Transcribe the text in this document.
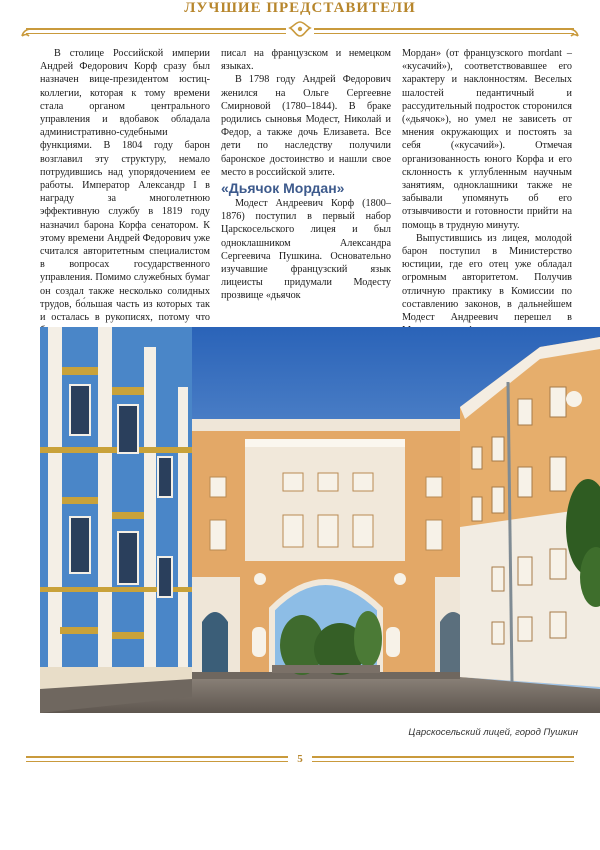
ЛУЧШИЕ ПРЕДСТАВИТЕЛИ

В столице Российской империи Андрей Федорович Корф сразу был назначен вице-президентом юстиц-коллегии, которая к тому времени стала органом центрального управления и вдобавок обладала административно-судебными функциями. В 1804 году барон возглавил эту структуру, немало потрудившись над упорядочением ее работы. Император Александр I в награду за многолетнюю эффективную службу в 1819 году назначил барона Корфа сенатором. К этому времени Андрей Федорович уже считался авторитетным специалистом в вопросах государственного управления. Помимо служебных бумаг он создал также несколько солидных трудов, бо́льшая часть из которых так и осталась в рукописях, потому что

писал на французском и немецком языках.

В 1798 году Андрей Федорович женился на Ольге Сергеевне Смирновой (1780–1844). В браке родились сыновья Модест, Николай и Федор, а также дочь Елизавета. Все дети по наследству получили баронское достоинство и нашли свое место в российской элите.

«Дьячок Мордан»

Модест Андреевич Корф (1800–1876) поступил в первый набор Царскосельского лицея и был одноклашником Александра Сергеевича Пушкина. Основательно изучавшие французский язык лицеисты придумали Модесту прозвище «дьячок

Мордан» (от французского mordant – «кусачий»), соответствовавшее его характеру и наклонностям. Веселых шалостей педантичный и рассудительный подросток сторонился («дьячок»), но умел не зависеть от мнения окружающих и постоять за себя («кусачий»). Отмечая организованность юного Корфа и его склонность к углубленным научным занятиям, одноклашники также не забывали упомянуть об его отзывчивости и готовности прийти на помощь в трудную минуту.

Выпустившись из лицея, молодой барон поступил в Министерство юстиции, где его отец уже обладал огромным авторитетом. Получив отличную практику в Комиссии по составлению законов, в дальнейшем Модест Андреевич перешел в

Царскосельский лицей, город Пушкин
5
